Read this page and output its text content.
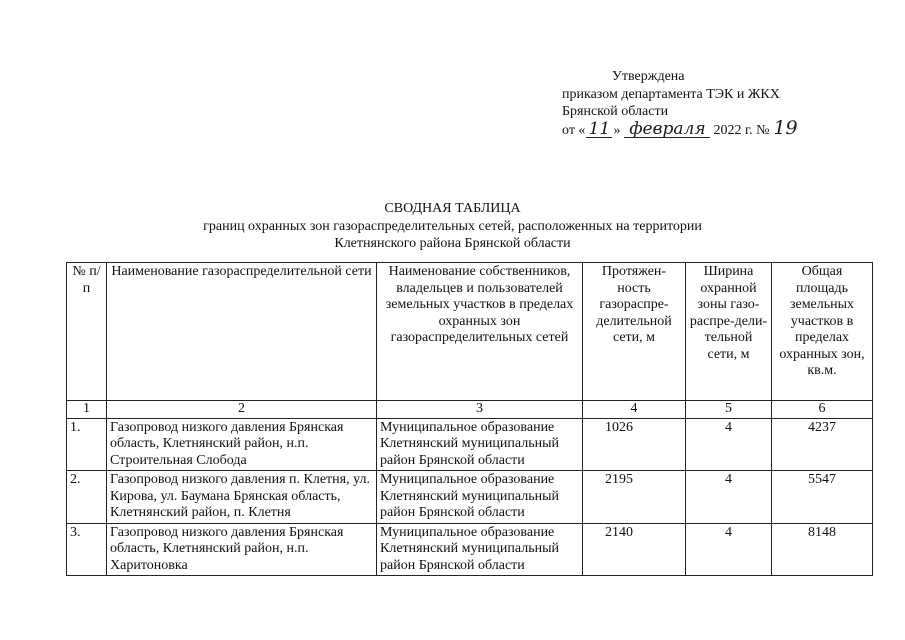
Утверждена
приказом департамента ТЭК и ЖКХ
Брянской области
от « 11 » февраля 2022 г. № 19
СВОДНАЯ ТАБЛИЦА
границ охранных зон газораспределительных сетей, расположенных на территории
Клетнянского района Брянской области
№ п/п	Наименование газораспределительной сети	Наименование собственников, владельцев и пользователей земельных участков в пределах охранных зон газораспределительных сетей	Протяжен-ность газораспре-делительной сети, м	Ширина охранной зоны газо-распре-дели-тельной сети, м	Общая площадь земельных участков в пределах охранных зон, кв.м.
1	2	3	4	5	6
1.	Газопровод низкого давления Брянская область, Клетнянский район, н.п. Строительная Слобода	Муниципальное образование Клетнянский муниципальный район Брянской области	1026	4	4237
2.	Газопровод низкого давления п. Клетня, ул. Кирова, ул. Баумана Брянская область, Клетнянский район, п. Клетня	Муниципальное образование Клетнянский муниципальный район Брянской области	2195	4	5547
3.	Газопровод низкого давления Брянская область, Клетнянский район, н.п. Харитоновка	Муниципальное образование Клетнянский муниципальный район Брянской области	2140	4	8148
